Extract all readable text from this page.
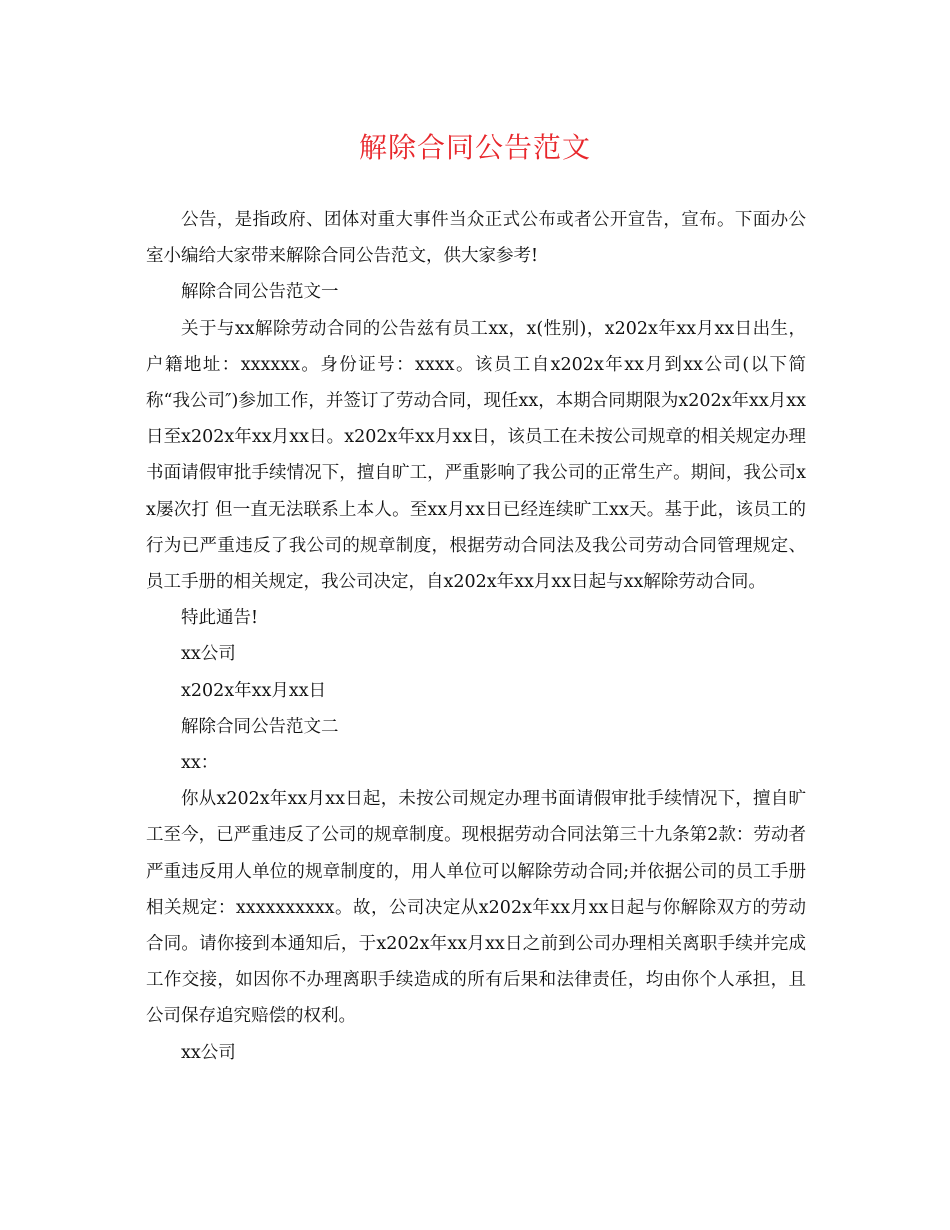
解除合同公告范文

公告，是指政府、团体对重大事件当众正式公布或者公开宣告，宣布。下面办公室小编给大家带来解除合同公告范文，供大家参考!

解除合同公告范文一

关于与xx解除劳动合同的公告兹有员工xx，x(性别)，x202x年xx月xx日出生，户籍地址：xxxxxx。身份证号：xxxx。该员工自x202x年xx月到xx公司(以下简称“我公司″)参加工作，并签订了劳动合同，现任xx，本期合同期限为x202x年xx月xx日至x202x年xx月xx日。x202x年xx月xx日，该员工在未按公司规章的相关规定办理书面请假审批手续情况下，擅自旷工，严重影响了我公司的正常生产。期间，我公司xx屡次打 但一直无法联系上本人。至xx月xx日已经连续旷工xx天。基于此，该员工的行为已严重违反了我公司的规章制度，根据劳动合同法及我公司劳动合同管理规定、员工手册的相关规定，我公司决定，自x202x年xx月xx日起与xx解除劳动合同。

特此通告!

xx公司

x202x年xx月xx日

解除合同公告范文二

xx：

你从x202x年xx月xx日起，未按公司规定办理书面请假审批手续情况下，擅自旷工至今，已严重违反了公司的规章制度。现根据劳动合同法第三十九条第2款：劳动者严重违反用人单位的规章制度的，用人单位可以解除劳动合同;并依据公司的员工手册相关规定：xxxxxxxxxx。故，公司决定从x202x年xx月xx日起与你解除双方的劳动合同。请你接到本通知后，于x202x年xx月xx日之前到公司办理相关离职手续并完成工作交接，如因你不办理离职手续造成的所有后果和法律责任，均由你个人承担，且公司保存追究赔偿的权利。

xx公司
